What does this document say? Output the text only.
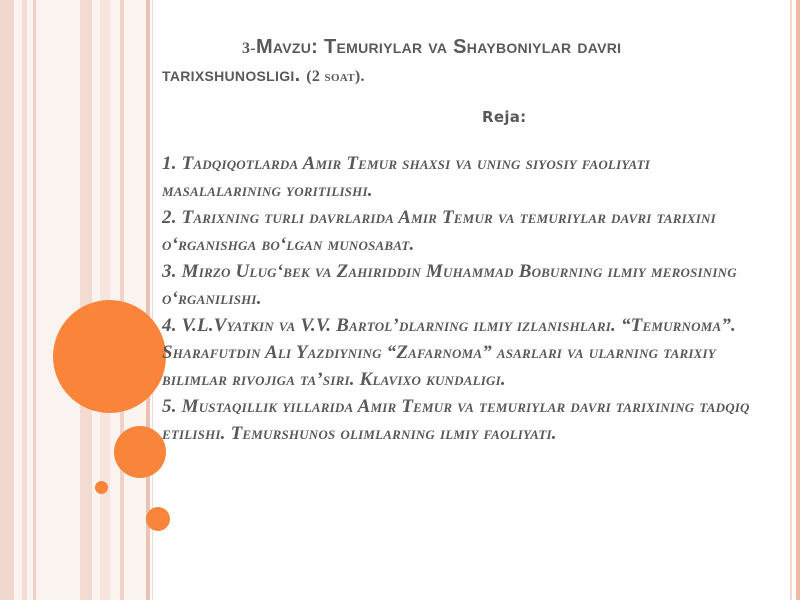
3-Mavzu: Temuriylar va Shayboniylar davri tarixshunosligi. (2 soat).
Reja:
1. Tadqiqotlarda Amir Temur shaxsi va uning siyosiy faoliyati masalalarining yoritilishi.
2. Tarixning turli davrlarida Amir Temur va temuriylar davri tarixini o‘rganishga bo‘lgan munosabat.
3. Mirzo Ulug‘bek va Zahiriddin Muhammad Boburning ilmiy merosining o‘rganilishi.
4. V.L.Vyatkin va V.V. Bartol’dlarning ilmiy izlanishlari. “Temurnoma”. Sharafutdin Ali Yazdiyning “Zafarnoma” asarlari va ularning tarixiy bilimlar rivojiga ta’siri. Klavixo kundaligi.
5. Mustaqillik yillarida Amir Temur va temuriylar davri tarixining tadqiq etilishi. Temurshunos olimlarning ilmiy faoliyati.
